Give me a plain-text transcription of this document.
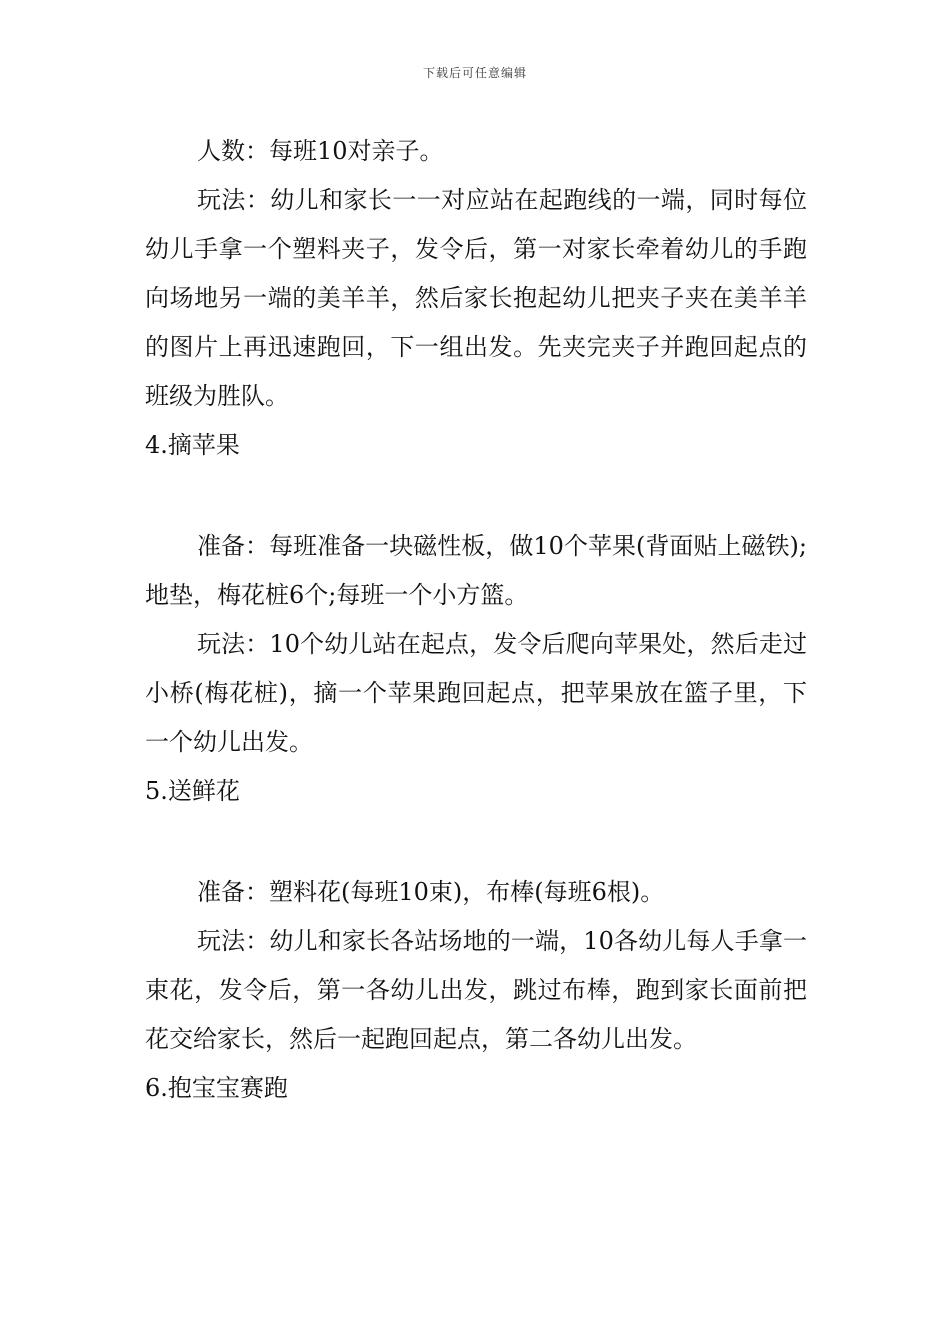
下载后可任意编辑

人数：每班10对亲子。

玩法：幼儿和家长一一对应站在起跑线的一端，同时每位幼儿手拿一个塑料夹子，发令后，第一对家长牵着幼儿的手跑向场地另一端的美羊羊，然后家长抱起幼儿把夹子夹在美羊羊的图片上再迅速跑回，下一组出发。先夹完夹子并跑回起点的班级为胜队。

4.摘苹果

准备：每班准备一块磁性板，做10个苹果(背面贴上磁铁);地垫，梅花桩6个;每班一个小方篮。

玩法：10个幼儿站在起点，发令后爬向苹果处，然后走过小桥(梅花桩)，摘一个苹果跑回起点，把苹果放在篮子里，下一个幼儿出发。

5.送鲜花

准备：塑料花(每班10束)，布棒(每班6根)。

玩法：幼儿和家长各站场地的一端，10各幼儿每人手拿一束花，发令后，第一各幼儿出发，跳过布棒，跑到家长面前把花交给家长，然后一起跑回起点，第二各幼儿出发。

6.抱宝宝赛跑
